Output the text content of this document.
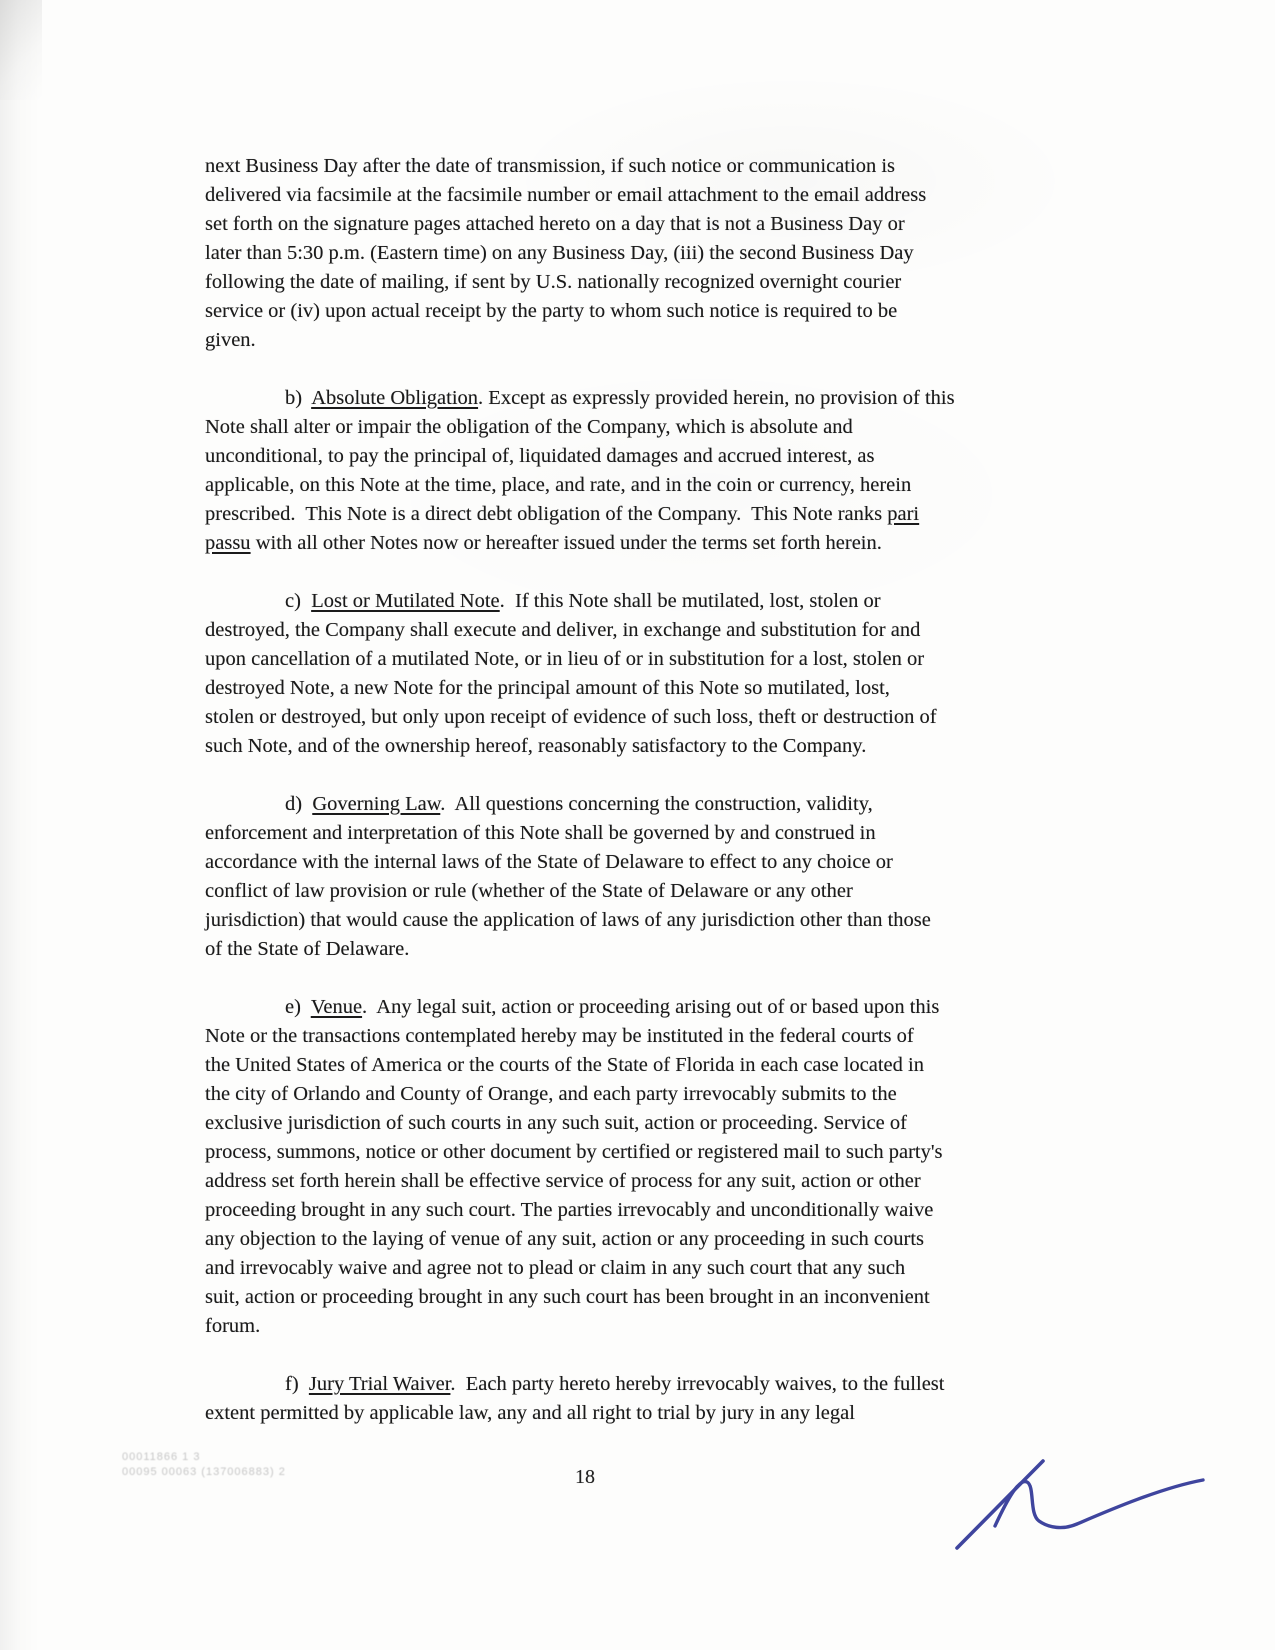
next Business Day after the date of transmission, if such notice or communication is
delivered via facsimile at the facsimile number or email attachment to the email address
set forth on the signature pages attached hereto on a day that is not a Business Day or
later than 5:30 p.m. (Eastern time) on any Business Day, (iii) the second Business Day
following the date of mailing, if sent by U.S. nationally recognized overnight courier
service or (iv) upon actual receipt by the party to whom such notice is required to be
given.
b)  Absolute Obligation. Except as expressly provided herein, no provision of this
Note shall alter or impair the obligation of the Company, which is absolute and
unconditional, to pay the principal of, liquidated damages and accrued interest, as
applicable, on this Note at the time, place, and rate, and in the coin or currency, herein
prescribed.  This Note is a direct debt obligation of the Company.  This Note ranks pari
passu with all other Notes now or hereafter issued under the terms set forth herein.
c)  Lost or Mutilated Note.  If this Note shall be mutilated, lost, stolen or
destroyed, the Company shall execute and deliver, in exchange and substitution for and
upon cancellation of a mutilated Note, or in lieu of or in substitution for a lost, stolen or
destroyed Note, a new Note for the principal amount of this Note so mutilated, lost,
stolen or destroyed, but only upon receipt of evidence of such loss, theft or destruction of
such Note, and of the ownership hereof, reasonably satisfactory to the Company.
d)  Governing Law.  All questions concerning the construction, validity,
enforcement and interpretation of this Note shall be governed by and construed in
accordance with the internal laws of the State of Delaware to effect to any choice or
conflict of law provision or rule (whether of the State of Delaware or any other
jurisdiction) that would cause the application of laws of any jurisdiction other than those
of the State of Delaware.
e)  Venue.  Any legal suit, action or proceeding arising out of or based upon this
Note or the transactions contemplated hereby may be instituted in the federal courts of
the United States of America or the courts of the State of Florida in each case located in
the city of Orlando and County of Orange, and each party irrevocably submits to the
exclusive jurisdiction of such courts in any such suit, action or proceeding. Service of
process, summons, notice or other document by certified or registered mail to such party's
address set forth herein shall be effective service of process for any suit, action or other
proceeding brought in any such court. The parties irrevocably and unconditionally waive
any objection to the laying of venue of any suit, action or any proceeding in such courts
and irrevocably waive and agree not to plead or claim in any such court that any such
suit, action or proceeding brought in any such court has been brought in an inconvenient
forum.
f)  Jury Trial Waiver.  Each party hereto hereby irrevocably waives, to the fullest
extent permitted by applicable law, any and all right to trial by jury in any legal
00011866 1 3
00095 00063 (137006883) 2	18
